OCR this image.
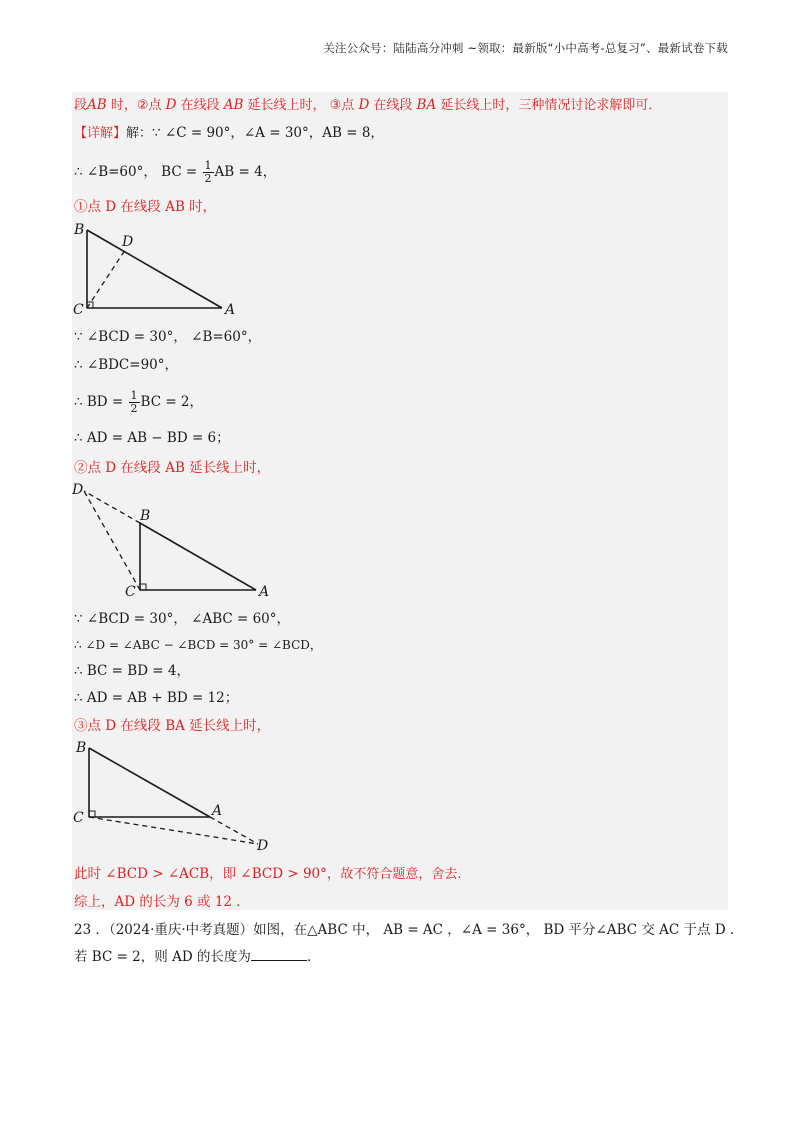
关注公众号：陆陆高分冲刺 ~领取：最新版“小中高考-总复习”、最新试卷下载
段AB 时，②点 D 在线段 AB 延长线上时， ③点 D 在线段 BA 延长线上时，三种情况讨论求解即可．
【详解】解：∵ ∠C = 90°，∠A = 30°，AB = 8，
∴ ∠B=60°， BC = $\frac{1}{2}$ AB = 4，
①点 D 在线段 AB 时，
B
D
C	A
∵ ∠BCD = 30°， ∠B=60°，
∴ ∠BDC=90°，
∴ BD = $\frac{1}{2}$ BC = 2，
∴ AD = AB − BD = 6；
②点 D 在线段 AB 延长线上时，
D
B
C	A
∵ ∠BCD = 30°， ∠ABC = 60°，
∴ ∠D = ∠ABC − ∠BCD = 30° = ∠BCD，
∴ BC = BD = 4，
∴ AD = AB + BD = 12；
③点 D 在线段 BA 延长线上时，
B
C	A
D
此时 ∠BCD > ∠ACB，即 ∠BCD > 90°，故不符合题意，舍去.
综上，AD 的长为 6 或 12 ．
23 ．（2024·重庆·中考真题）如图，在△ABC 中， AB = AC ，∠A = 36°， BD 平分∠ABC 交 AC 于点 D ．
若 BC = 2，则 AD 的长度为	．
